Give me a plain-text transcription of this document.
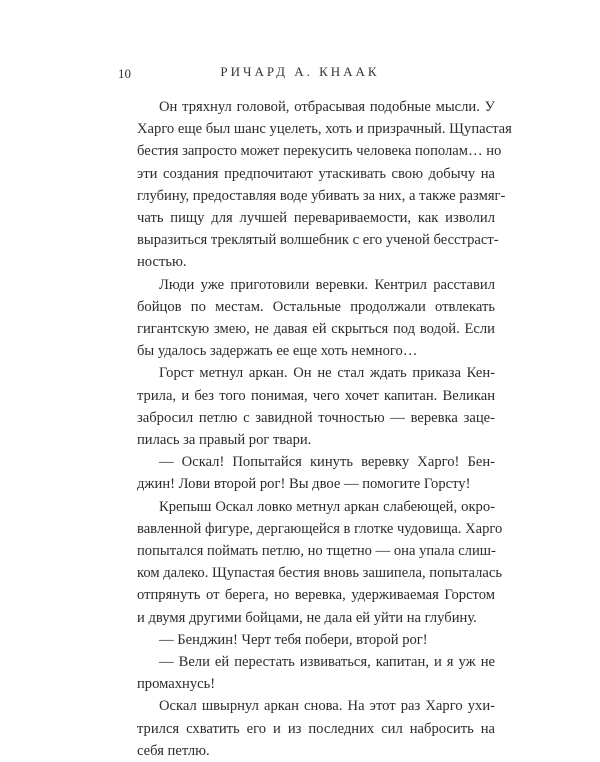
10	РИЧАРД А. КНААК

Он тряхнул головой, отбрасывая подобные мысли. У

Харго еще был шанс уцелеть, хоть и призрачный. Щупастая

бестия запросто может перекусить человека пополам… но

эти создания предпочитают утаскивать свою добычу на

глубину, предоставляя воде убивать за них, а также размяг-

чать пищу для лучшей перевариваемости, как изволил

выразиться треклятый волшебник с его ученой бесстраст-

ностью.

Люди уже приготовили веревки. Кентрил расставил

бойцов по местам. Остальные продолжали отвлекать

гигантскую змею, не давая ей скрыться под водой. Если

бы удалось задержать ее еще хоть немного…

Горст метнул аркан. Он не стал ждать приказа Кен-

трила, и без того понимая, чего хочет капитан. Великан

забросил петлю с завидной точностью — веревка заце-

пилась за правый рог твари.

— Оскал! Попытайся кинуть веревку Харго! Бен-

джин! Лови второй рог! Вы двое — помогите Горсту!

Крепыш Оскал ловко метнул аркан слабеющей, окро-

вавленной фигуре, дергающейся в глотке чудовища. Харго

попытался поймать петлю, но тщетно — она упала слиш-

ком далеко. Щупастая бестия вновь зашипела, попыталась

отпрянуть от берега, но веревка, удерживаемая Горстом

и двумя другими бойцами, не дала ей уйти на глубину.

— Бенджин! Черт тебя побери, второй рог!

— Вели ей перестать извиваться, капитан, и я уж не

промахнусь!

Оскал швырнул аркан снова. На этот раз Харго ухи-

трился схватить его и из последних сил набросить на

себя петлю.
